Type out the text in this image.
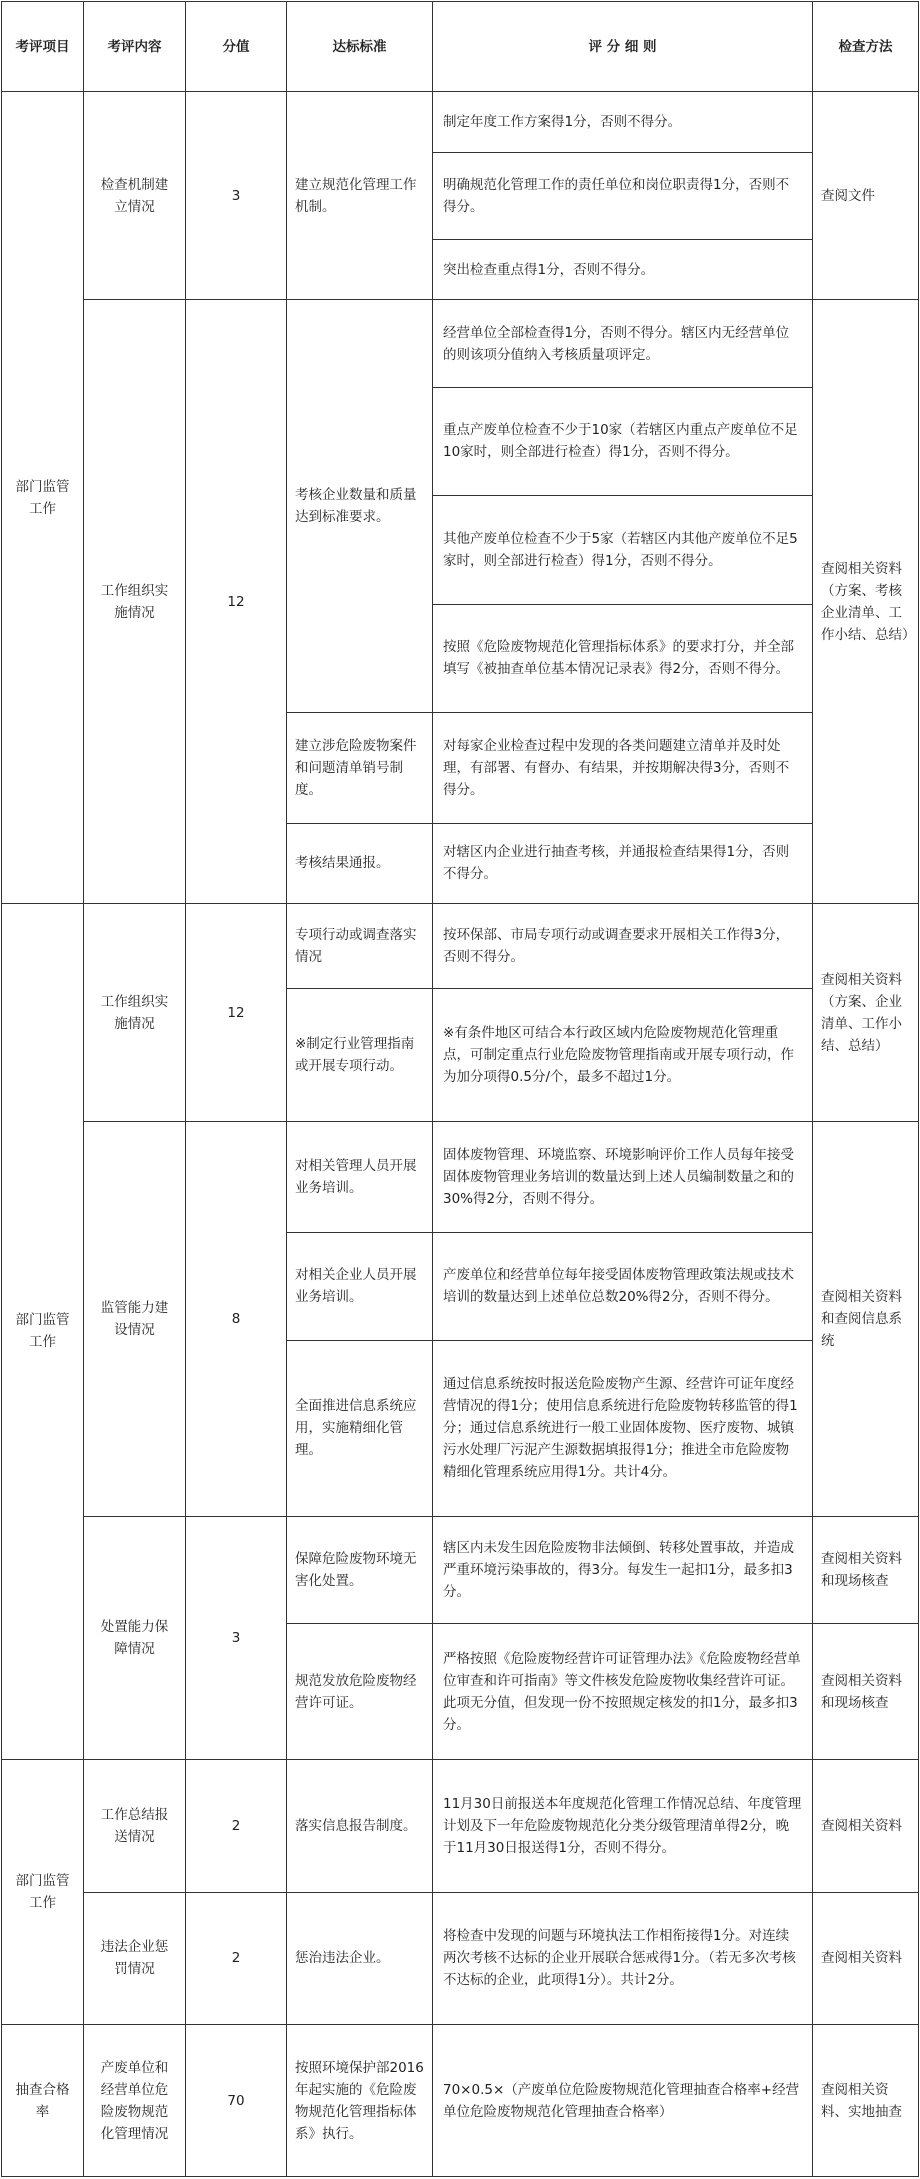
考评项目	考评内容	分值	达标标准	评 分 细 则	检查方法
部门监管工作	检查机制建立情况	3	建立规范化管理工作机制。	制定年度工作方案得1分，否则不得分。	查阅文件
				明确规范化管理工作的责任单位和岗位职责得1分，否则不得分。	
				突出检查重点得1分，否则不得分。	
	工作组织实施情况	12	考核企业数量和质量达到标准要求。	经营单位全部检查得1分，否则不得分。辖区内无经营单位的则该项分值纳入考核质量项评定。	查阅相关资料（方案、考核企业清单、工作小结、总结）
				重点产废单位检查不少于10家（若辖区内重点产废单位不足10家时，则全部进行检查）得1分，否则不得分。	
				其他产废单位检查不少于5家（若辖区内其他产废单位不足5家时，则全部进行检查）得1分，否则不得分。	
				按照《危险废物规范化管理指标体系》的要求打分，并全部填写《被抽查单位基本情况记录表》得2分，否则不得分。	
			建立涉危险废物案件和问题清单销号制度。	对每家企业检查过程中发现的各类问题建立清单并及时处理，有部署、有督办、有结果，并按期解决得3分，否则不得分。	
			考核结果通报。	对辖区内企业进行抽查考核，并通报检查结果得1分，否则不得分。	
部门监管工作	工作组织实施情况	12	专项行动或调查落实情况	按环保部、市局专项行动或调查要求开展相关工作得3分，否则不得分。	查阅相关资料（方案、企业清单、工作小结、总结）
			※制定行业管理指南或开展专项行动。	※有条件地区可结合本行政区域内危险废物规范化管理重点，可制定重点行业危险废物管理指南或开展专项行动，作为加分项得0.5分/个，最多不超过1分。	
	监管能力建设情况	8	对相关管理人员开展业务培训。	固体废物管理、环境监察、环境影响评价工作人员每年接受固体废物管理业务培训的数量达到上述人员编制数量之和的30%得2分，否则不得分。	查阅相关资料和查阅信息系统
			对相关企业人员开展业务培训。	产废单位和经营单位每年接受固体废物管理政策法规或技术培训的数量达到上述单位总数20%得2分，否则不得分。	
			全面推进信息系统应用，实施精细化管理。	通过信息系统按时报送危险废物产生源、经营许可证年度经营情况的得1分；使用信息系统进行危险废物转移监管的得1分；通过信息系统进行一般工业固体废物、医疗废物、城镇污水处理厂污泥产生源数据填报得1分；推进全市危险废物精细化管理系统应用得1分。共计4分。	
	处置能力保障情况	3	保障危险废物环境无害化处置。	辖区内未发生因危险废物非法倾倒、转移处置事故，并造成严重环境污染事故的，得3分。每发生一起扣1分，最多扣3分。	查阅相关资料和现场核查
			规范发放危险废物经营许可证。	严格按照《危险废物经营许可证管理办法》《危险废物经营单位审查和许可指南》等文件核发危险废物收集经营许可证。此项无分值，但发现一份不按照规定核发的扣1分，最多扣3分。	查阅相关资料和现场核查
部门监管工作	工作总结报送情况	2	落实信息报告制度。	11月30日前报送本年度规范化管理工作情况总结、年度管理计划及下一年危险废物规范化分类分级管理清单得2分，晚于11月30日报送得1分，否则不得分。	查阅相关资料
	违法企业惩罚情况	2	惩治违法企业。	将检查中发现的问题与环境执法工作相衔接得1分。对连续两次考核不达标的企业开展联合惩戒得1分。（若无多次考核不达标的企业，此项得1分）。共计2分。	查阅相关资料
抽查合格率	产废单位和经营单位危险废物规范化管理情况	70	按照环境保护部2016年起实施的《危险废物规范化管理指标体系》执行。	70×0.5×（产废单位危险废物规范化管理抽查合格率+经营单位危险废物规范化管理抽查合格率）	查阅相关资料、实地抽查
